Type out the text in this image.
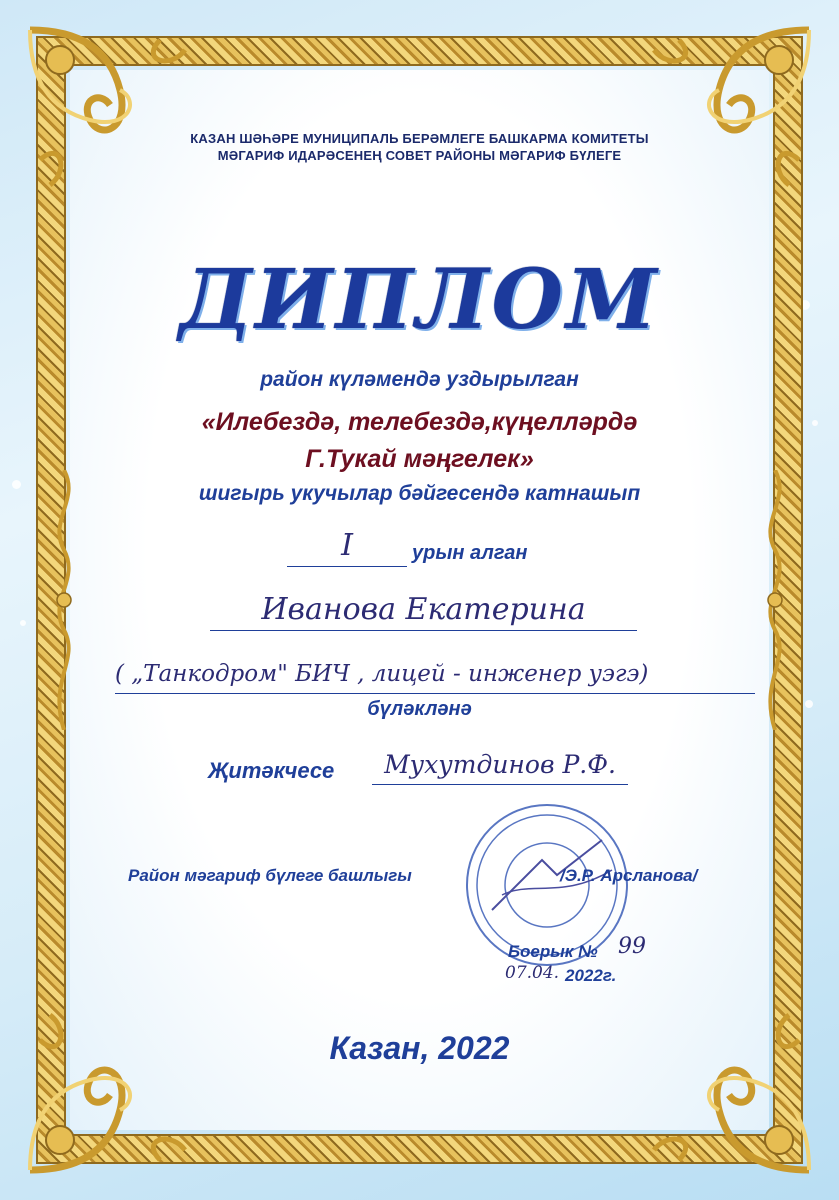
КАЗАН ШӘҺӘРЕ МУНИЦИПАЛЬ БЕРӘМЛЕГЕ БАШКАРМА КОМИТЕТЫ
МӘГАРИФ ИДАРӘСЕНЕҢ СОВЕТ РАЙОНЫ МӘГАРИФ БҮЛЕГЕ
ДИПЛОМ
район күләмендә уздырылган
«Илебездә, телебездә,күңелләрдә
Г.Тукай мәңгелек»
шигырь укучылар бәйгесендә катнашып
I	урын алган
Иванова Екатерина
( „Танкодром" БИЧ , лицей - инженер уэгэ)
бүләкләнә
Җитәкчесе	Мухутдинов Р.Ф.
Район мәгариф бүлеге башлыгы	/Э.Р. Арсланова/
Боерык № 99
07.04. 2022г.
Казан, 2022
